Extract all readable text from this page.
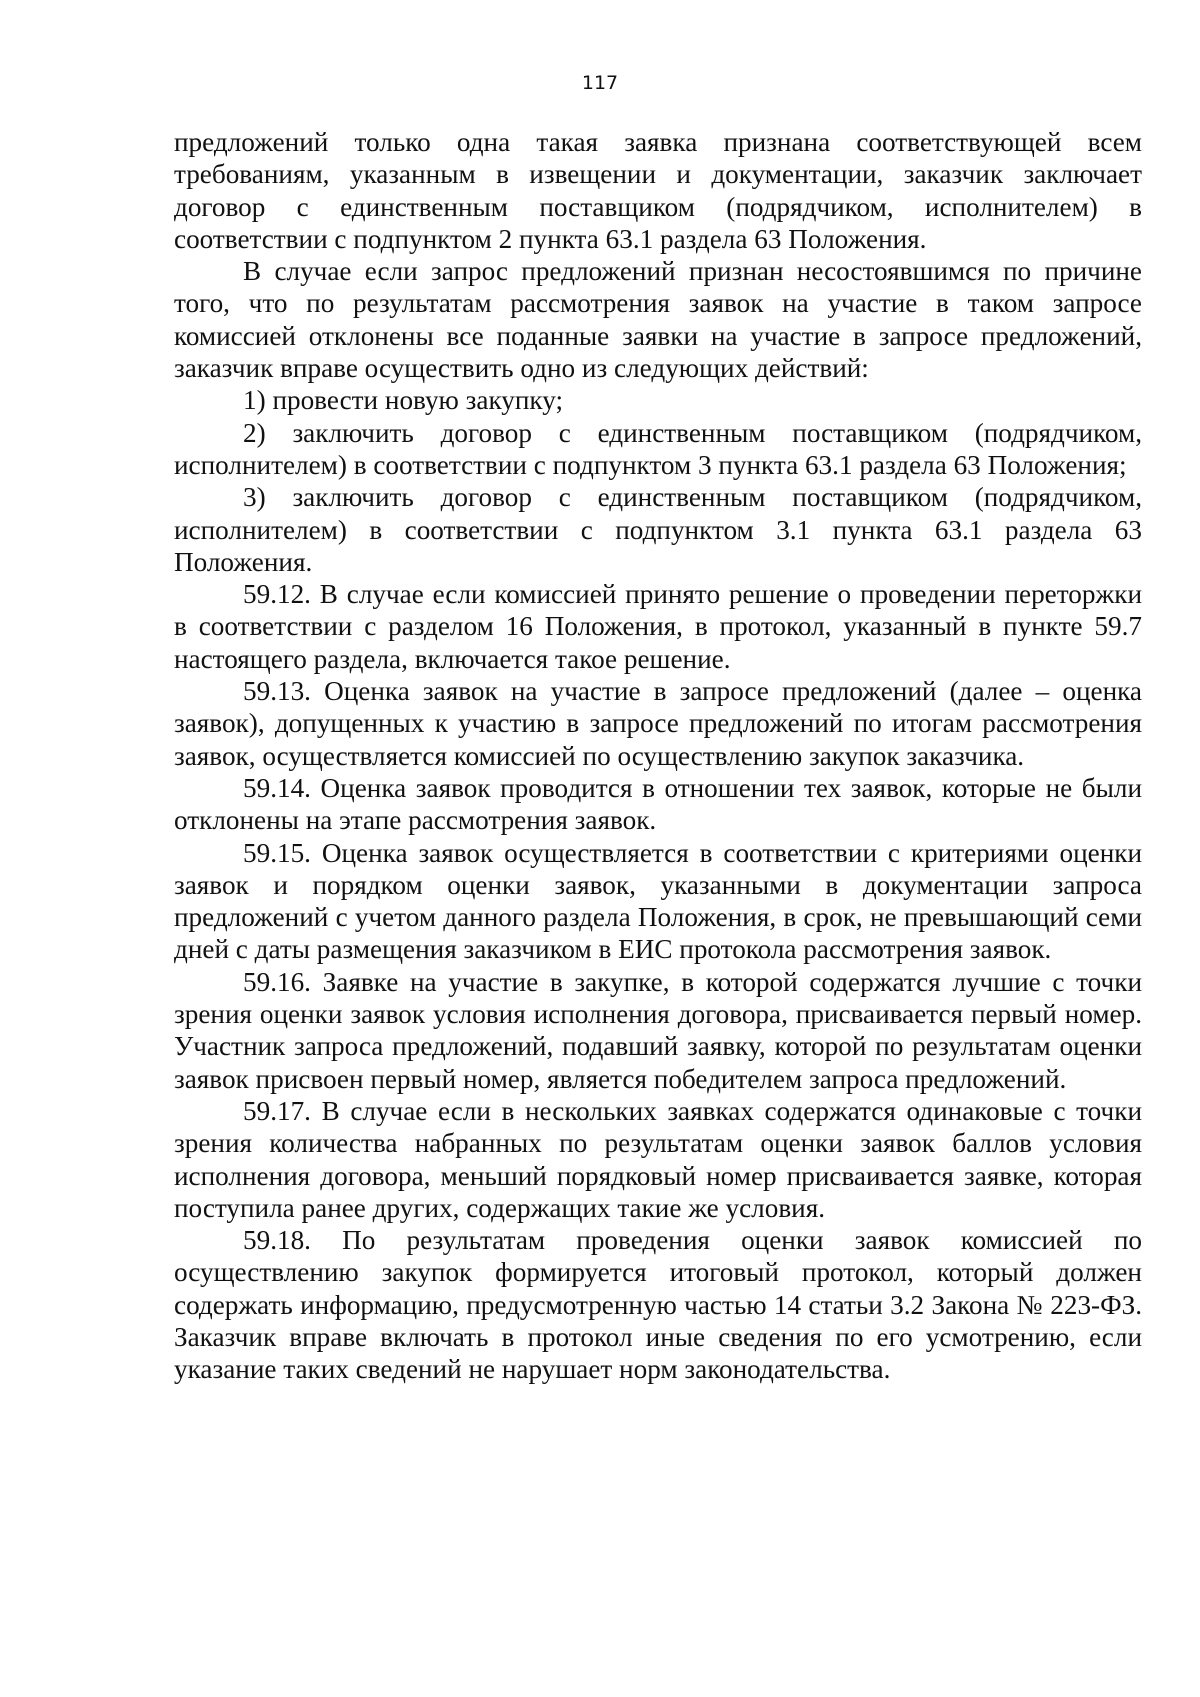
117

предложений только одна такая заявка признана соответствующей всем требованиям, указанным в извещении и документации, заказчик заключает договор с единственным поставщиком (подрядчиком, исполнителем) в соответствии с подпунктом 2 пункта 63.1 раздела 63 Положения.

В случае если запрос предложений признан несостоявшимся по причине того, что по результатам рассмотрения заявок на участие в таком запросе комиссией отклонены все поданные заявки на участие в запросе предложений, заказчик вправе осуществить одно из следующих действий:

1) провести новую закупку;

2) заключить договор с единственным поставщиком (подрядчиком, исполнителем) в соответствии с подпунктом 3 пункта 63.1 раздела 63 Положения;

3) заключить договор с единственным поставщиком (подрядчиком, исполнителем) в соответствии с подпунктом 3.1 пункта 63.1 раздела 63 Положения.

59.12. В случае если комиссией принято решение о проведении переторжки в соответствии с разделом 16 Положения, в протокол, указанный в пункте 59.7 настоящего раздела, включается такое решение.

59.13. Оценка заявок на участие в запросе предложений (далее – оценка заявок), допущенных к участию в запросе предложений по итогам рассмотрения заявок, осуществляется комиссией по осуществлению закупок заказчика.

59.14. Оценка заявок проводится в отношении тех заявок, которые не были отклонены на этапе рассмотрения заявок.

59.15. Оценка заявок осуществляется в соответствии с критериями оценки заявок и порядком оценки заявок, указанными в документации запроса предложений с учетом данного раздела Положения, в срок, не превышающий семи дней с даты размещения заказчиком в ЕИС протокола рассмотрения заявок.

59.16. Заявке на участие в закупке, в которой содержатся лучшие с точки зрения оценки заявок условия исполнения договора, присваивается первый номер. Участник запроса предложений, подавший заявку, которой по результатам оценки заявок присвоен первый номер, является победителем запроса предложений.

59.17. В случае если в нескольких заявках содержатся одинаковые с точки зрения количества набранных по результатам оценки заявок баллов условия исполнения договора, меньший порядковый номер присваивается заявке, которая поступила ранее других, содержащих такие же условия.

59.18. По результатам проведения оценки заявок комиссией по осуществлению закупок формируется итоговый протокол, который должен содержать информацию, предусмотренную частью 14 статьи 3.2 Закона № 223-ФЗ. Заказчик вправе включать в протокол иные сведения по его усмотрению, если указание таких сведений не нарушает норм законодательства.
